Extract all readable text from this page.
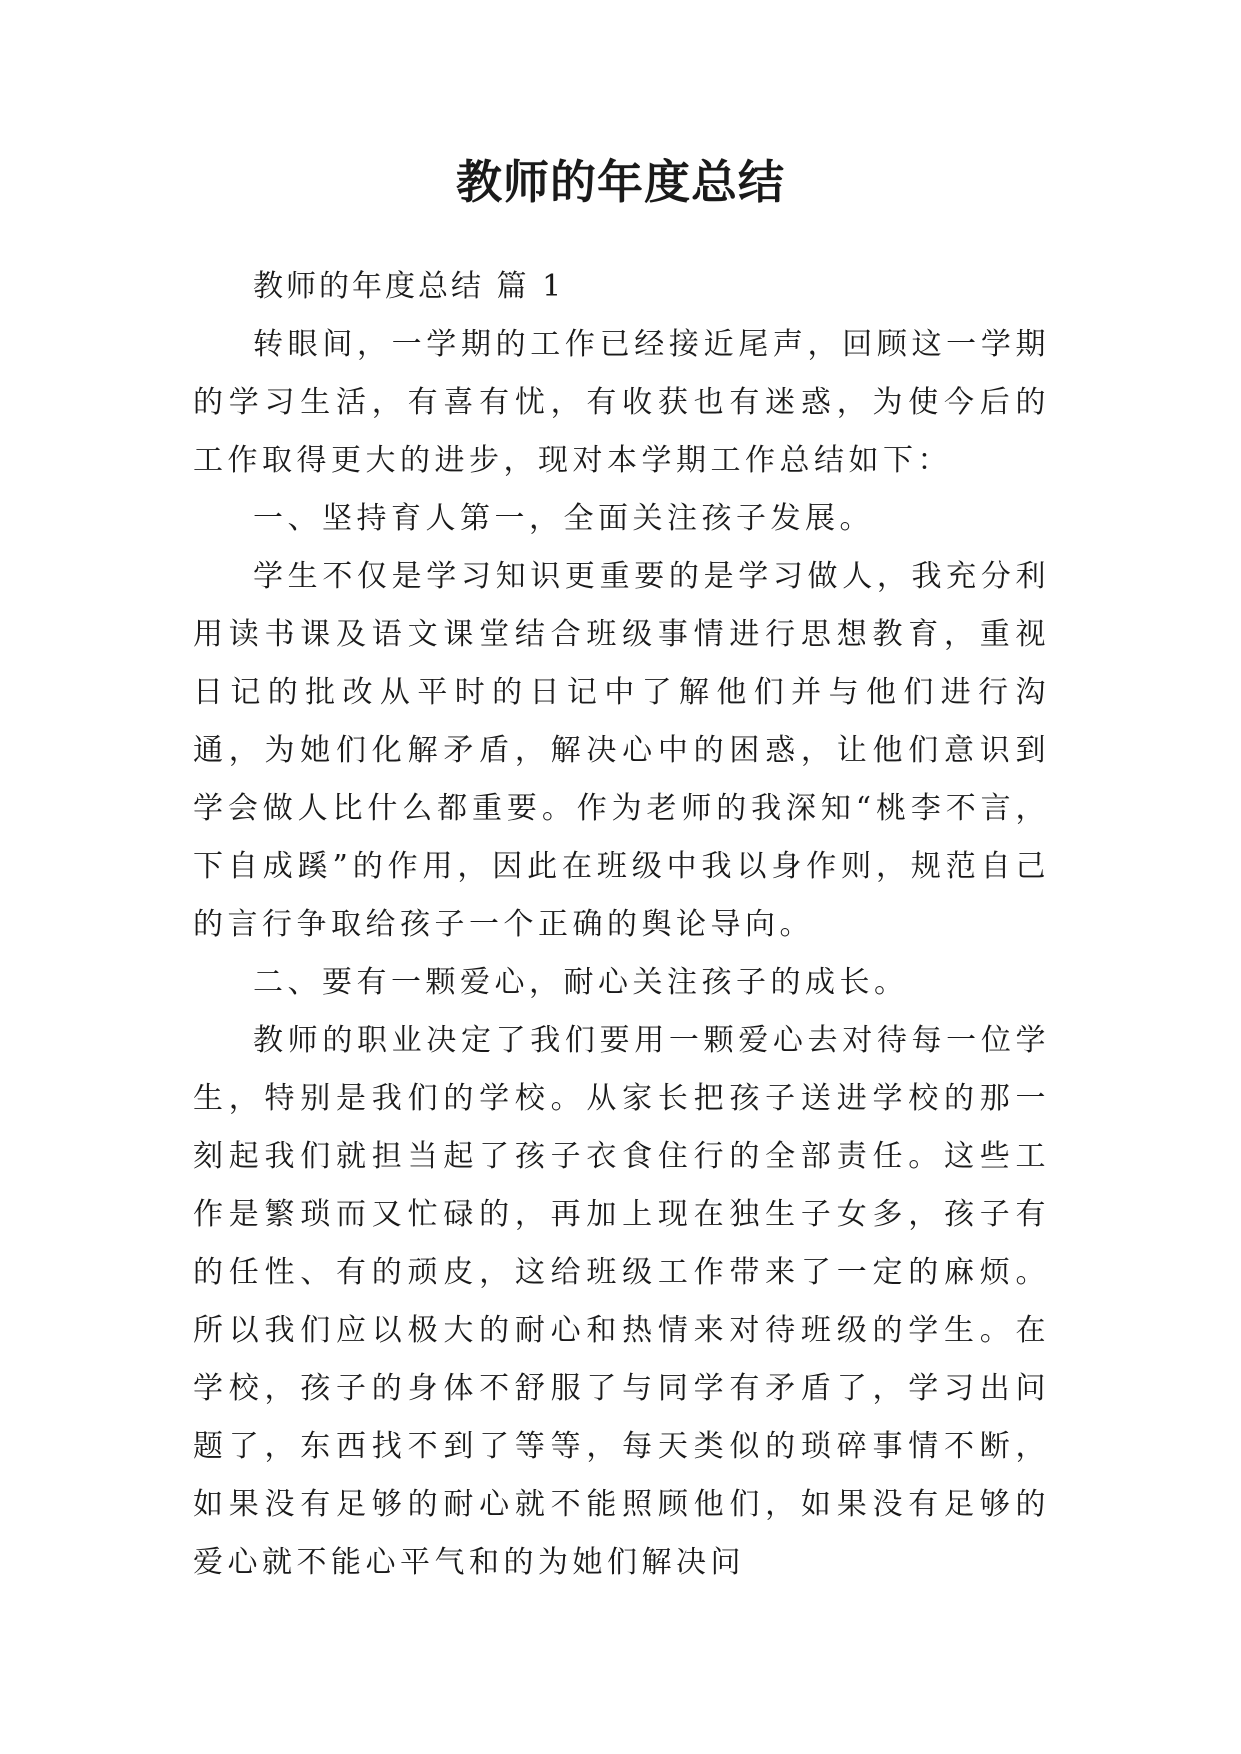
教师的年度总结

教师的年度总结 篇 1

转眼间，一学期的工作已经接近尾声，回顾这一学期的学习生活，有喜有忧，有收获也有迷惑，为使今后的工作取得更大的进步，现对本学期工作总结如下：

一、坚持育人第一，全面关注孩子发展。

学生不仅是学习知识更重要的是学习做人，我充分利用读书课及语文课堂结合班级事情进行思想教育，重视日记的批改从平时的日记中了解他们并与他们进行沟通，为她们化解矛盾，解决心中的困惑，让他们意识到学会做人比什么都重要。作为老师的我深知“桃李不言，下自成蹊”的作用，因此在班级中我以身作则，规范自己的言行争取给孩子一个正确的舆论导向。

二、要有一颗爱心，耐心关注孩子的成长。

教师的职业决定了我们要用一颗爱心去对待每一位学生，特别是我们的学校。从家长把孩子送进学校的那一刻起我们就担当起了孩子衣食住行的全部责任。这些工作是繁琐而又忙碌的，再加上现在独生子女多，孩子有的任性、有的顽皮，这给班级工作带来了一定的麻烦。所以我们应以极大的耐心和热情来对待班级的学生。在学校，孩子的身体不舒服了与同学有矛盾了，学习出问题了，东西找不到了等等，每天类似的琐碎事情不断，如果没有足够的耐心就不能照顾他们，如果没有足够的爱心就不能心平气和的为她们解决问
